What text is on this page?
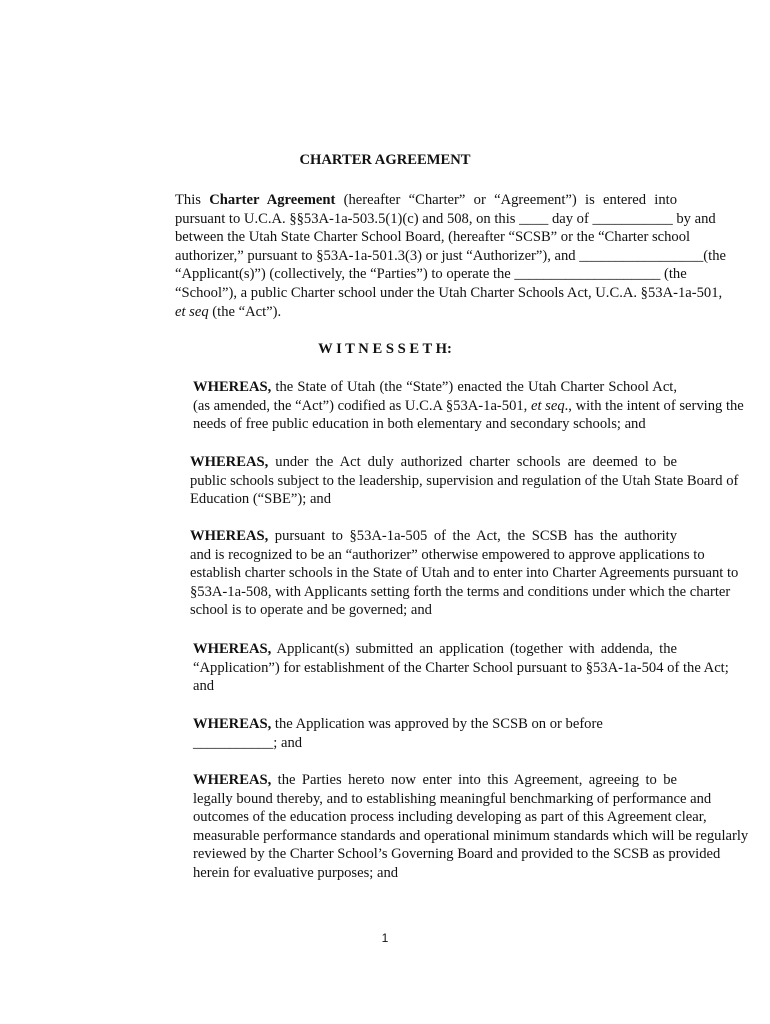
CHARTER AGREEMENT
This Charter Agreement (hereafter “Charter” or “Agreement”) is entered into
pursuant to U.C.A. §§53A-1a-503.5(1)(c) and 508, on this ____ day of ___________ by and
between the Utah State Charter School Board, (hereafter “SCSB” or the “Charter school
authorizer,” pursuant to §53A-1a-501.3(3) or just “Authorizer”), and _________________(the
“Applicant(s)”) (collectively, the “Parties”) to operate the ____________________ (the
“School”), a public Charter school under the Utah Charter Schools Act, U.C.A. §53A-1a-501,
et seq (the “Act”).
W I T N E S S E T H:
WHEREAS, the State of Utah (the “State”) enacted the Utah Charter School Act,
(as amended, the “Act”) codified as U.C.A §53A-1a-501, et seq., with the intent of serving the
needs of free public education in both elementary and secondary schools; and
WHEREAS, under the Act duly authorized charter schools are deemed to be
public schools subject to the leadership, supervision and regulation of the Utah State Board of
Education (“SBE”); and
WHEREAS, pursuant to §53A-1a-505 of the Act, the SCSB has the authority
and is recognized to be an “authorizer” otherwise empowered to approve applications to
establish charter schools in the State of Utah and to enter into Charter Agreements pursuant to
§53A-1a-508, with Applicants setting forth the terms and conditions under which the charter
school is to operate and be governed; and
WHEREAS, Applicant(s) submitted an application (together with addenda, the
“Application”) for establishment of the Charter School pursuant to §53A-1a-504 of the Act;
and
WHEREAS, the Application was approved by the SCSB on or before
___________; and
WHEREAS, the Parties hereto now enter into this Agreement, agreeing to be
legally bound thereby, and to establishing meaningful benchmarking of performance and
outcomes of the education process including developing as part of this Agreement clear,
measurable performance standards and operational minimum standards which will be regularly
reviewed by the Charter School’s Governing Board and provided to the SCSB as provided
herein for evaluative purposes; and
1
